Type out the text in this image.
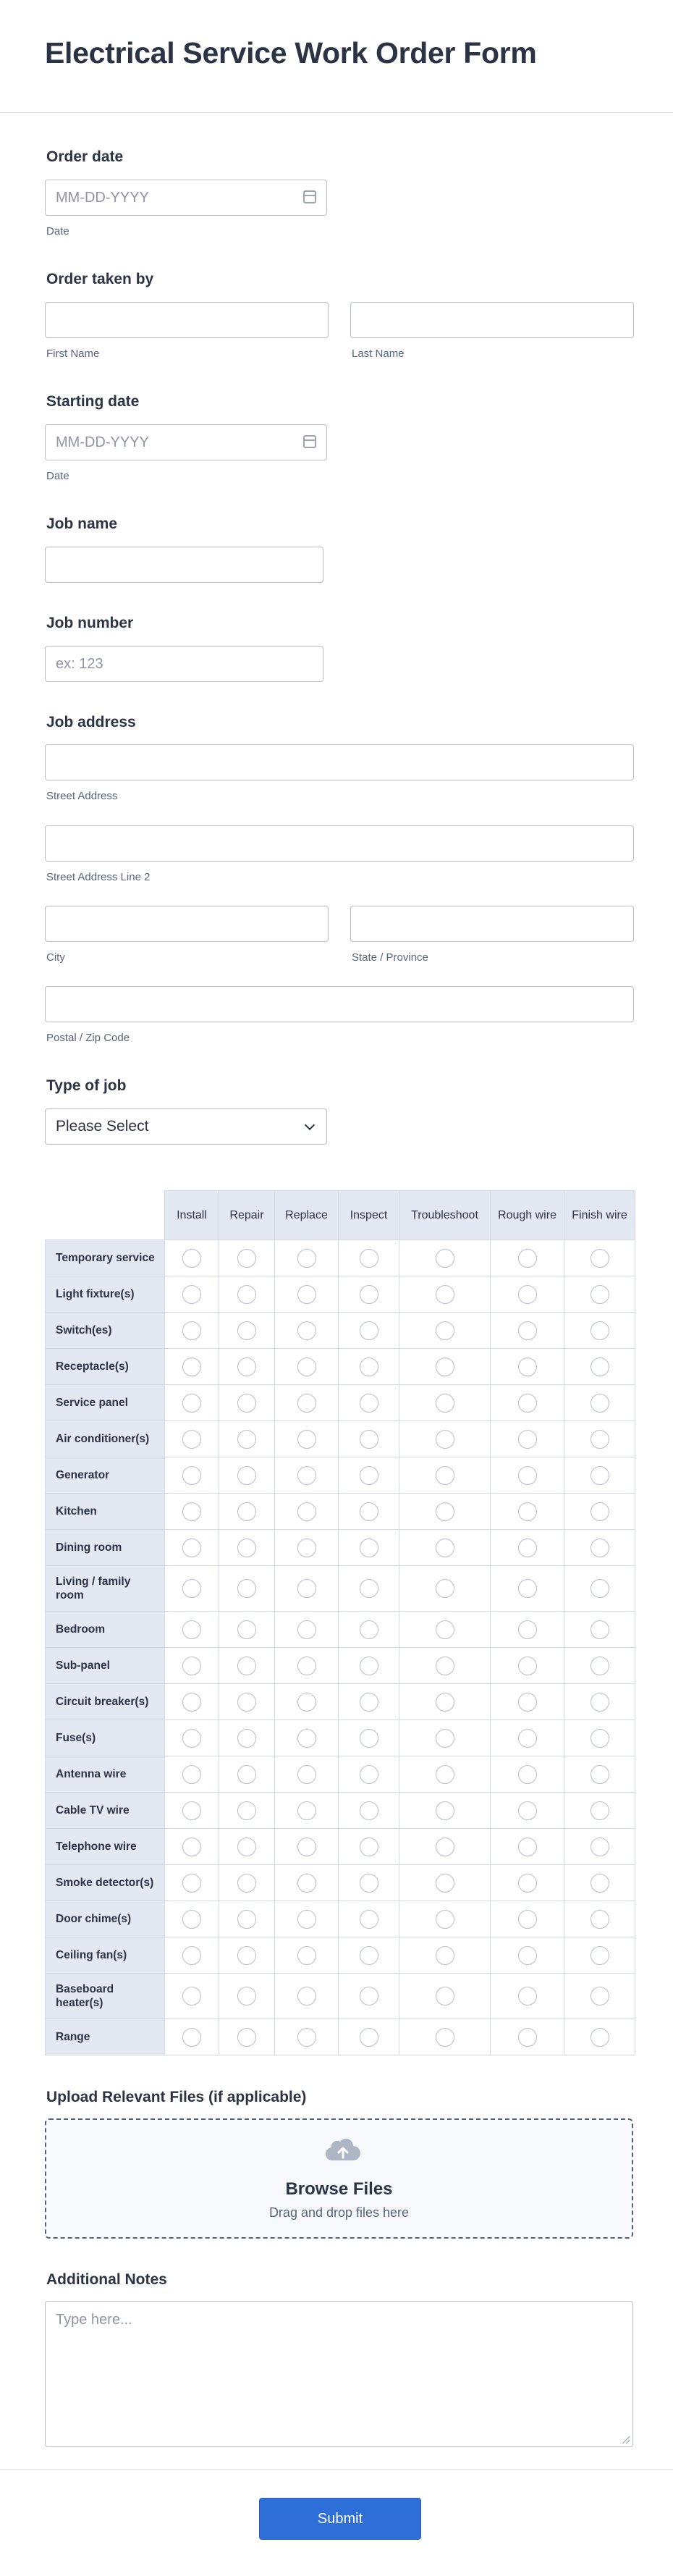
Electrical Service Work Order Form
Order date
MM-DD-YYYY
Date
Order taken by
First Name	Last Name
Starting date
MM-DD-YYYY
Date
Job name
Job number
ex: 123
Job address
Street Address
Street Address Line 2
City	State / Province
Postal / Zip Code
Type of job
Please Select
	Install	Repair	Replace	Inspect	Troubleshoot	Rough wire	Finish wire
Temporary service							
Light fixture(s)							
Switch(es)							
Receptacle(s)							
Service panel							
Air conditioner(s)							
Generator							
Kitchen							
Dining room							
Living / family room							
Bedroom							
Sub-panel							
Circuit breaker(s)							
Fuse(s)							
Antenna wire							
Cable TV wire							
Telephone wire							
Smoke detector(s)							
Door chime(s)							
Ceiling fan(s)							
Baseboard heater(s)							
Range							
Upload Relevant Files (if applicable)
Browse Files
Drag and drop files here
Additional Notes
Type here...
Submit
